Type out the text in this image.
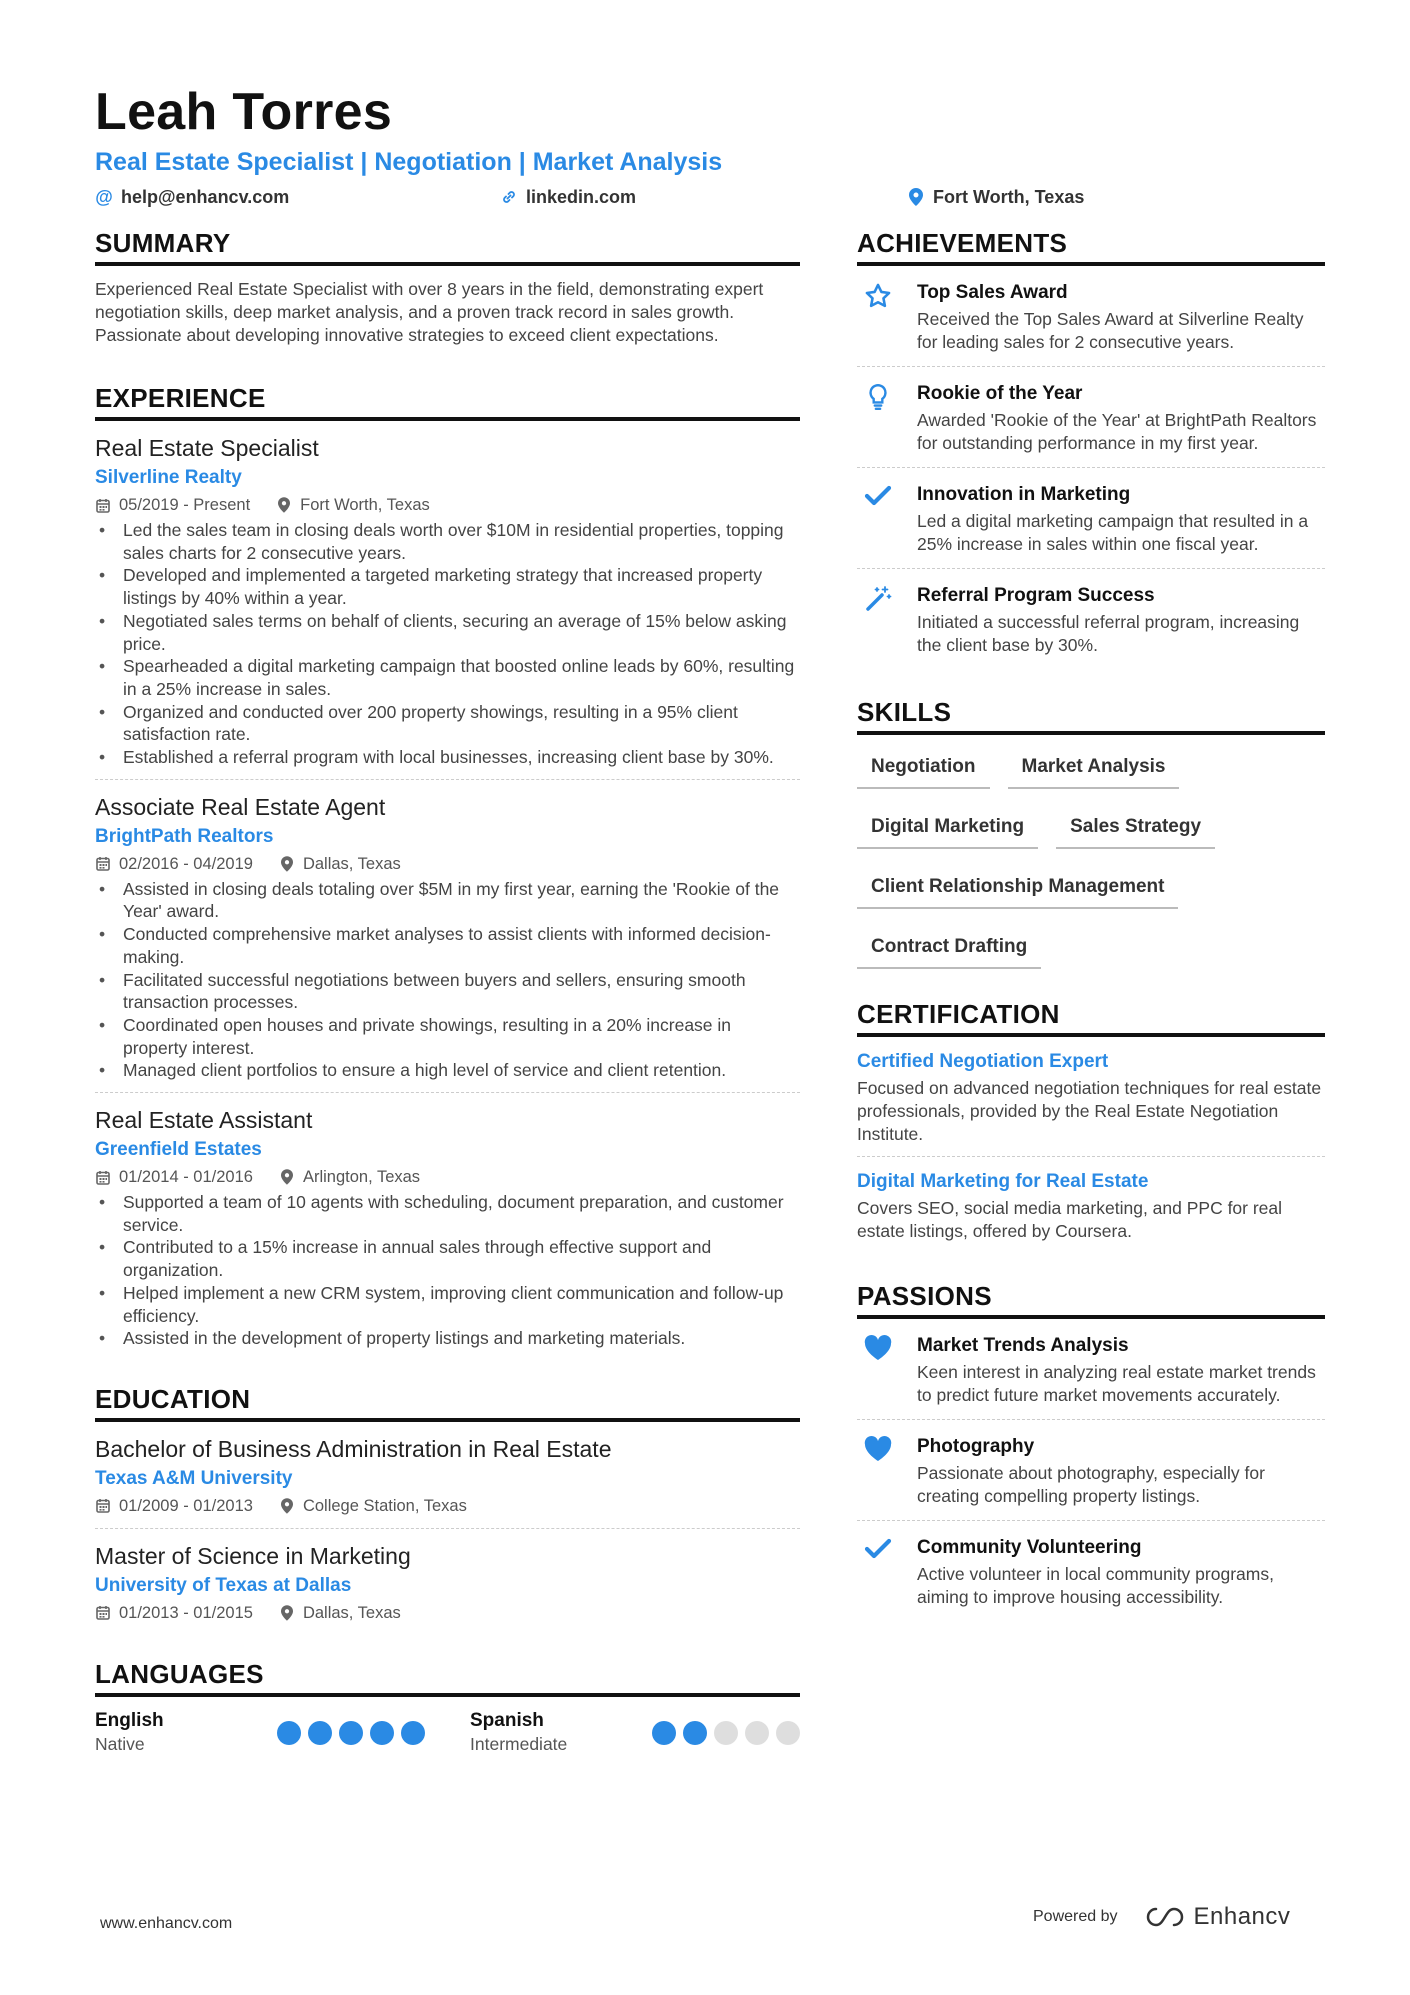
Leah Torres
Real Estate Specialist | Negotiation | Market Analysis
@ help@enhancv.com	linkedin.com	Fort Worth, Texas
SUMMARY
Experienced Real Estate Specialist with over 8 years in the field, demonstrating expert negotiation skills, deep market analysis, and a proven track record in sales growth. Passionate about developing innovative strategies to exceed client expectations.
EXPERIENCE
Real Estate Specialist
Silverline Realty
05/2019 - Present	Fort Worth, Texas
• Led the sales team in closing deals worth over $10M in residential properties, topping sales charts for 2 consecutive years.
• Developed and implemented a targeted marketing strategy that increased property listings by 40% within a year.
• Negotiated sales terms on behalf of clients, securing an average of 15% below asking price.
• Spearheaded a digital marketing campaign that boosted online leads by 60%, resulting in a 25% increase in sales.
• Organized and conducted over 200 property showings, resulting in a 95% client satisfaction rate.
• Established a referral program with local businesses, increasing client base by 30%.
Associate Real Estate Agent
BrightPath Realtors
02/2016 - 04/2019	Dallas, Texas
• Assisted in closing deals totaling over $5M in my first year, earning the 'Rookie of the Year' award.
• Conducted comprehensive market analyses to assist clients with informed decision-making.
• Facilitated successful negotiations between buyers and sellers, ensuring smooth transaction processes.
• Coordinated open houses and private showings, resulting in a 20% increase in property interest.
• Managed client portfolios to ensure a high level of service and client retention.
Real Estate Assistant
Greenfield Estates
01/2014 - 01/2016	Arlington, Texas
• Supported a team of 10 agents with scheduling, document preparation, and customer service.
• Contributed to a 15% increase in annual sales through effective support and organization.
• Helped implement a new CRM system, improving client communication and follow-up efficiency.
• Assisted in the development of property listings and marketing materials.
EDUCATION
Bachelor of Business Administration in Real Estate
Texas A&M University
01/2009 - 01/2013	College Station, Texas
Master of Science in Marketing
University of Texas at Dallas
01/2013 - 01/2015	Dallas, Texas
LANGUAGES
English
Native
Spanish
Intermediate
ACHIEVEMENTS
Top Sales Award
Received the Top Sales Award at Silverline Realty for leading sales for 2 consecutive years.
Rookie of the Year
Awarded 'Rookie of the Year' at BrightPath Realtors for outstanding performance in my first year.
Innovation in Marketing
Led a digital marketing campaign that resulted in a 25% increase in sales within one fiscal year.
Referral Program Success
Initiated a successful referral program, increasing the client base by 30%.
SKILLS
Negotiation	Market Analysis
Digital Marketing	Sales Strategy
Client Relationship Management
Contract Drafting
CERTIFICATION
Certified Negotiation Expert
Focused on advanced negotiation techniques for real estate professionals, provided by the Real Estate Negotiation Institute.
Digital Marketing for Real Estate
Covers SEO, social media marketing, and PPC for real estate listings, offered by Coursera.
PASSIONS
Market Trends Analysis
Keen interest in analyzing real estate market trends to predict future market movements accurately.
Photography
Passionate about photography, especially for creating compelling property listings.
Community Volunteering
Active volunteer in local community programs, aiming to improve housing accessibility.
www.enhancv.com	Powered by	Enhancv
